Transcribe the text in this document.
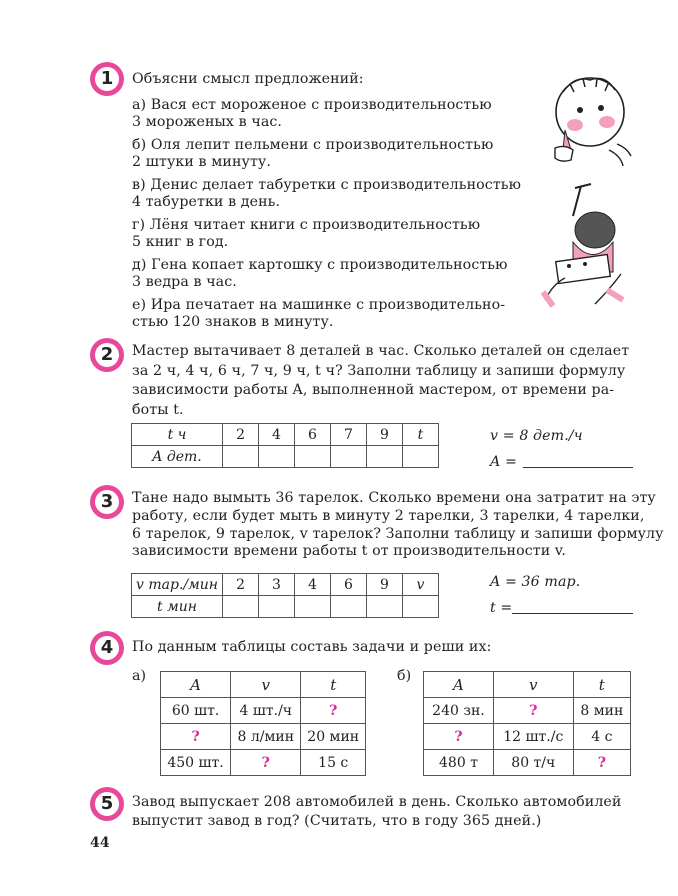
1	Объясни смысл предложений:
а) Вася ест мороженое с производительностью
3 мороженых в час.
б) Оля лепит пельмени с производительностью
2 штуки в минуту.
в) Денис делает табуретки с производительностью
4 табуретки в день.
г) Лёня читает книги с производительностью
5 книг в год.
д) Гена копает картошку с производительностью
3 ведра в час.
е) Ира печатает на машинке с производительно-
стью 120 знаков в минуту.
2	Мастер вытачивает 8 деталей в час. Сколько деталей он сделает
за 2 ч, 4 ч, 6 ч, 7 ч, 9 ч, t ч? Заполни таблицу и запиши формулу
зависимости работы A, выполненной мастером, от времени ра-
боты t.
t ч	2	4	6	7	9	t
A дет.						
v = 8 дет./ч
A =
3	Тане надо вымыть 36 тарелок. Сколько времени она затратит на эту
работу, если будет мыть в минуту 2 тарелки, 3 тарелки, 4 тарелки,
6 тарелок, 9 тарелок, v тарелок? Заполни таблицу и запиши формулу
зависимости времени работы t от производительности v.
v тар./мин	2	3	4	6	9	v
t мин						
A = 36 тар.
t =
4	По данным таблицы составь задачи и реши их:
а)	б)
A	v	t
60 шт.	4 шт./ч	?
?	8 л/мин	20 мин
450 шт.	?	15 с
A	v	t
240 зн.	?	8 мин
?	12 шт./с	4 с
480 т	80 т/ч	?
5	Завод выпускает 208 автомобилей в день. Сколько автомобилей
выпустит завод в год? (Считать, что в году 365 дней.)
44
